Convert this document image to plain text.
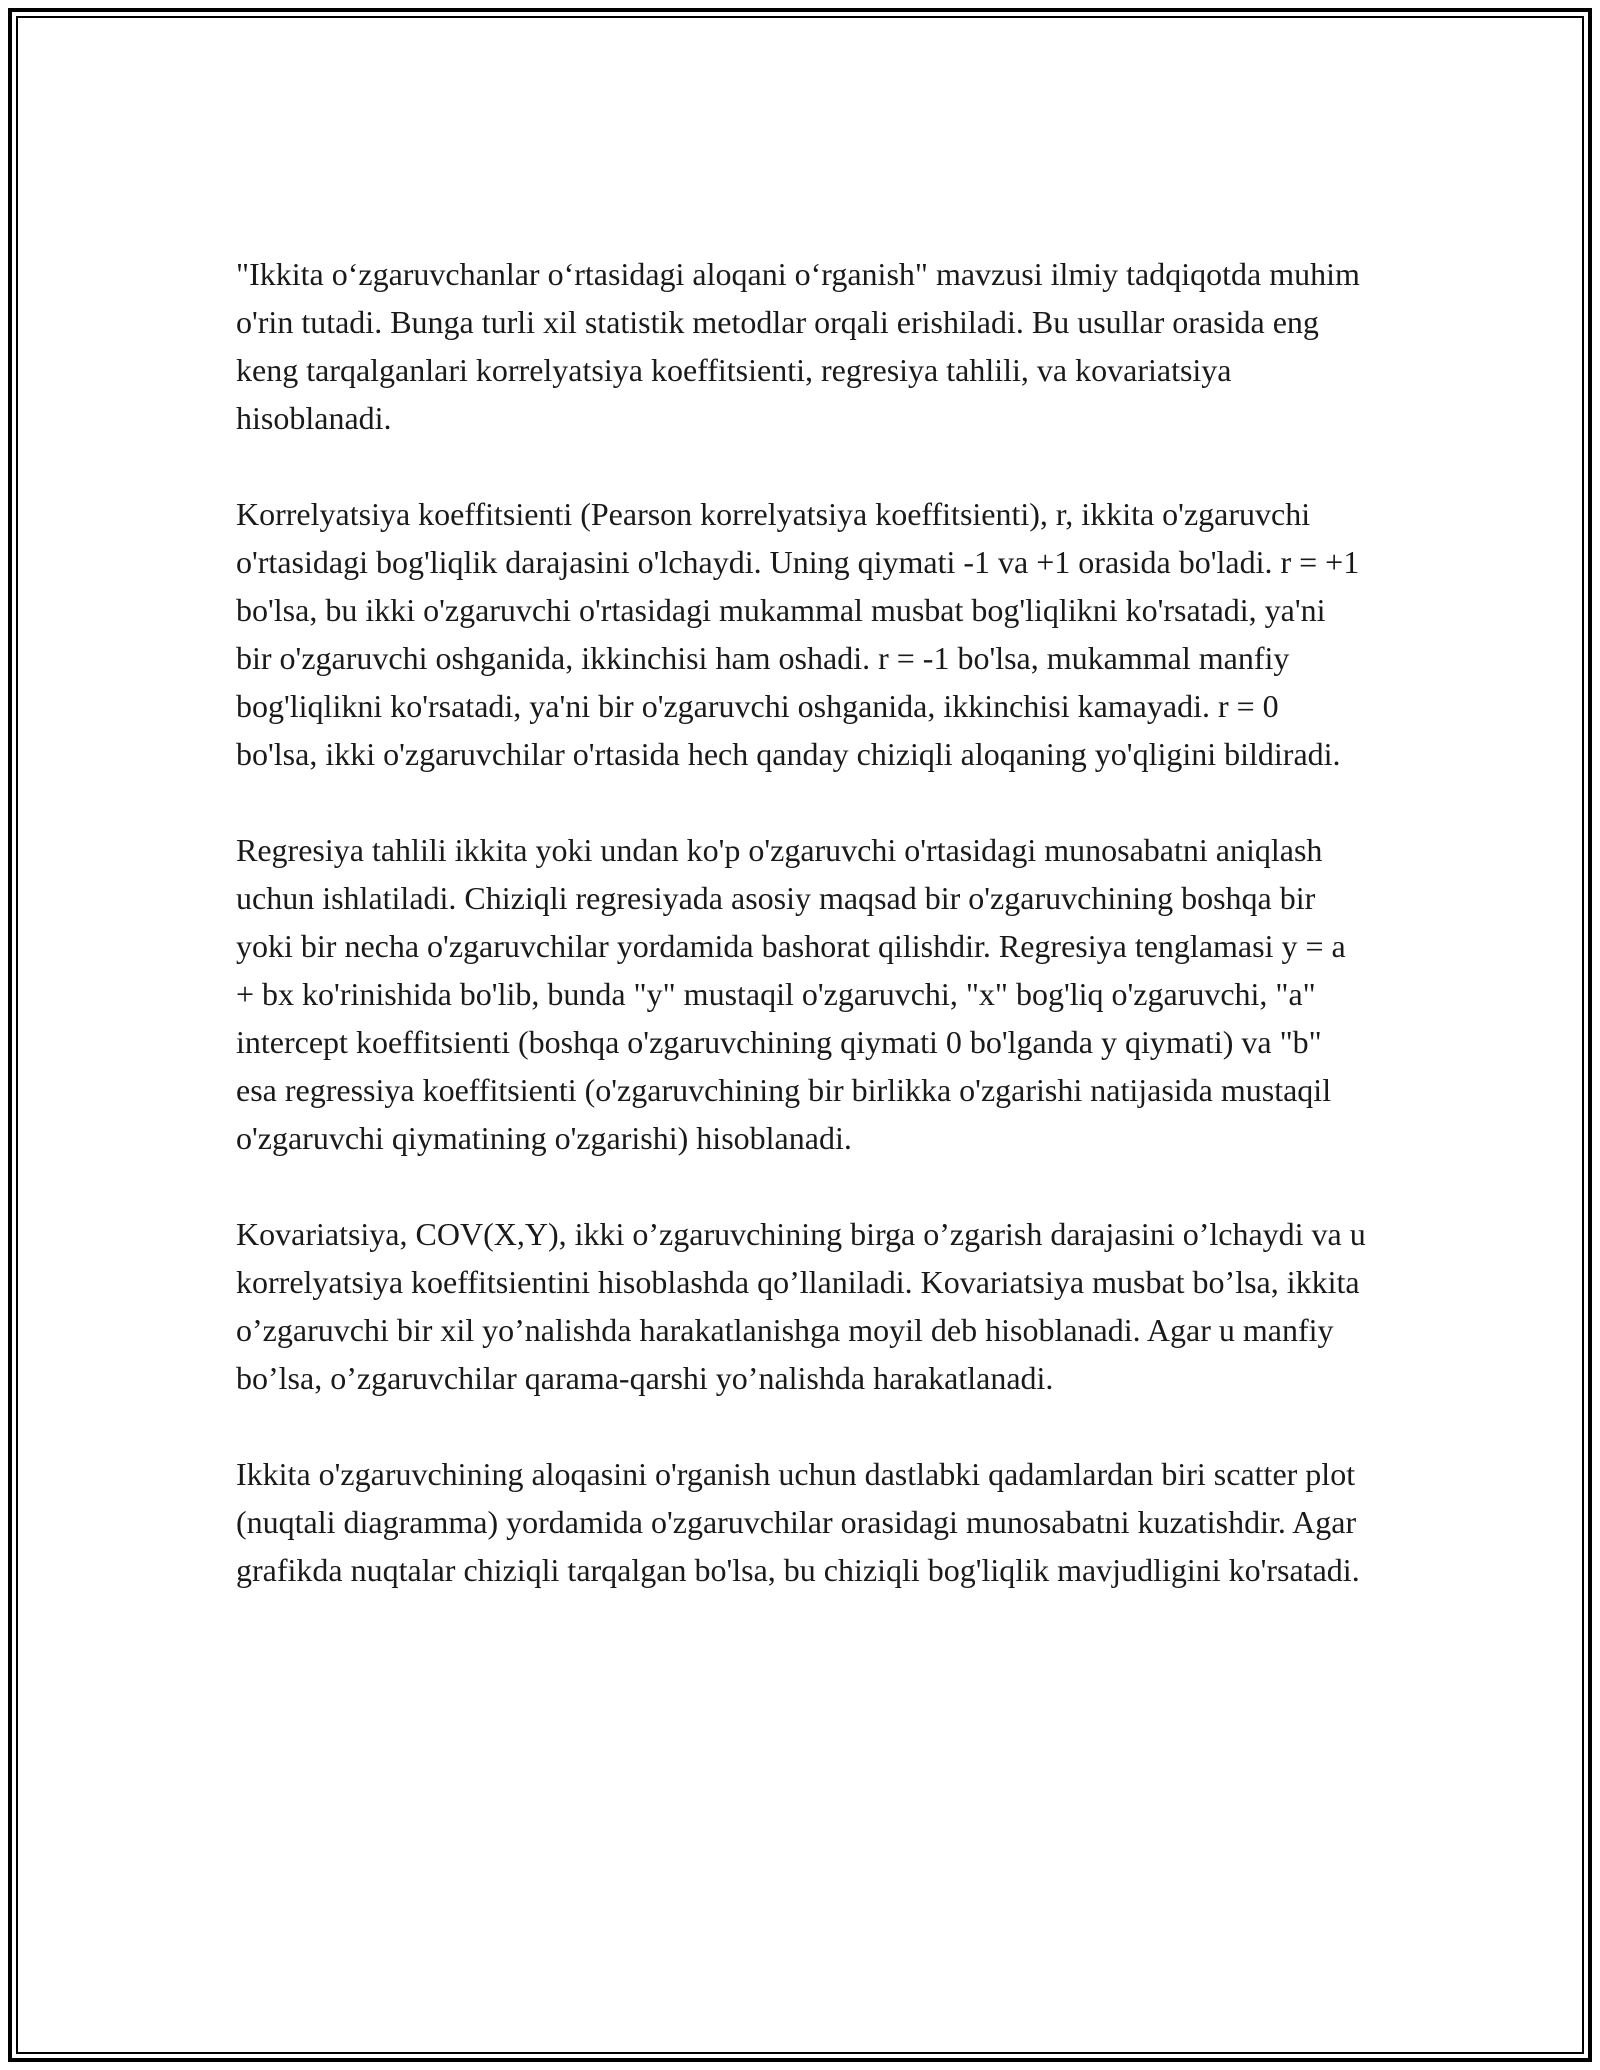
"Ikkita o‘zgaruvchanlar o‘rtasidagi aloqani o‘rganish" mavzusi ilmiy tadqiqotda muhim o'rin tutadi. Bunga turli xil statistik metodlar orqali erishiladi. Bu usullar orasida eng keng tarqalganlari korrelyatsiya koeffitsienti, regresiya tahlili, va kovariatsiya hisoblanadi.

Korrelyatsiya koeffitsienti (Pearson korrelyatsiya koeffitsienti), r, ikkita o'zgaruvchi o'rtasidagi bog'liqlik darajasini o'lchaydi. Uning qiymati -1 va +1 orasida bo'ladi. r = +1 bo'lsa, bu ikki o'zgaruvchi o'rtasidagi mukammal musbat bog'liqlikni ko'rsatadi, ya'ni bir o'zgaruvchi oshganida, ikkinchisi ham oshadi. r = -1 bo'lsa, mukammal manfiy bog'liqlikni ko'rsatadi, ya'ni bir o'zgaruvchi oshganida, ikkinchisi kamayadi. r = 0 bo'lsa, ikki o'zgaruvchilar o'rtasida hech qanday chiziqli aloqaning yo'qligini bildiradi.

Regresiya tahlili ikkita yoki undan ko'p o'zgaruvchi o'rtasidagi munosabatni aniqlash uchun ishlatiladi. Chiziqli regresiyada asosiy maqsad bir o'zgaruvchining boshqa bir yoki bir necha o'zgaruvchilar yordamida bashorat qilishdir. Regresiya tenglamasi y = a + bx ko'rinishida bo'lib, bunda "y" mustaqil o'zgaruvchi, "x" bog'liq o'zgaruvchi, "a" intercept koeffitsienti (boshqa o'zgaruvchining qiymati 0 bo'lganda y qiymati) va "b" esa regressiya koeffitsienti (o'zgaruvchining bir birlikka o'zgarishi natijasida mustaqil o'zgaruvchi qiymatining o'zgarishi) hisoblanadi.

Kovariatsiya, COV(X,Y), ikki o’zgaruvchining birga o’zgarish darajasini o’lchaydi va u korrelyatsiya koeffitsientini hisoblashda qo’llaniladi. Kovariatsiya musbat bo’lsa, ikkita o’zgaruvchi bir xil yo’nalishda harakatlanishga moyil deb hisoblanadi. Agar u manfiy bo’lsa, o’zgaruvchilar qarama-qarshi yo’nalishda harakatlanadi.

Ikkita o'zgaruvchining aloqasini o'rganish uchun dastlabki qadamlardan biri scatter plot (nuqtali diagramma) yordamida o'zgaruvchilar orasidagi munosabatni kuzatishdir. Agar grafikda nuqtalar chiziqli tarqalgan bo'lsa, bu chiziqli bog'liqlik mavjudligini ko'rsatadi.
